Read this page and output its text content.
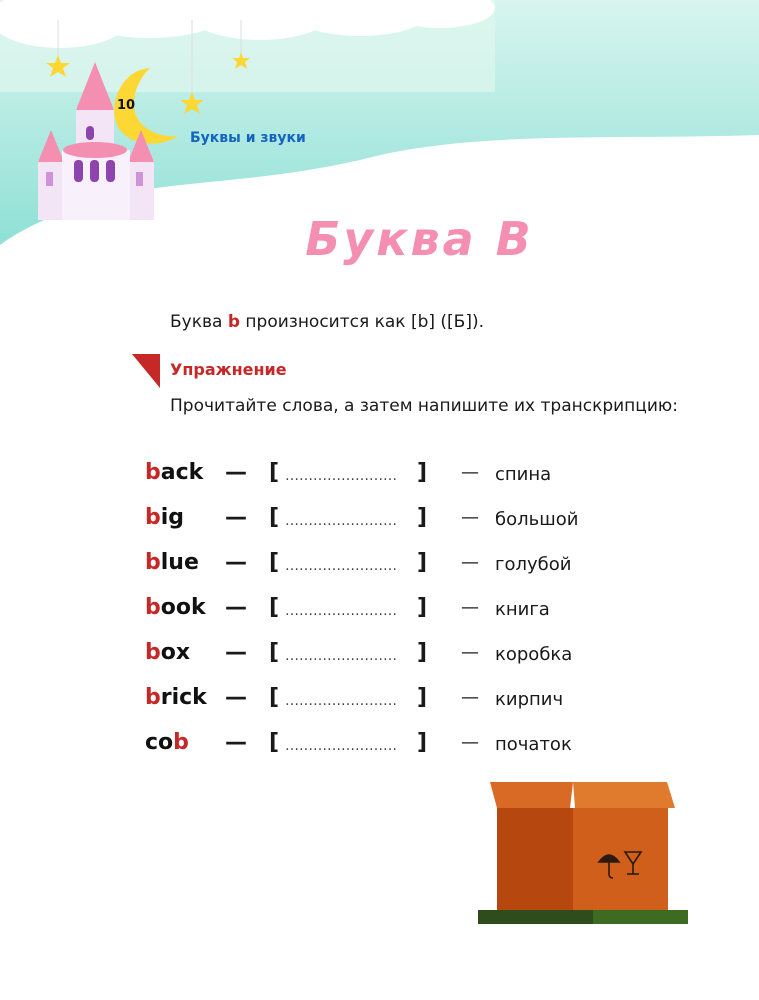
10
Буквы и звуки
Буква B
Буква b произносится как [b] ([Б]).
Упражнение
Прочитайте слова, а затем напишите их транскрипцию:
back — [ …………………… ] — спина
big — [ …………………… ] — большой
blue — [ …………………… ] — голубой
book — [ …………………… ] — книга
box — [ …………………… ] — коробка
brick — [ …………………… ] — кирпич
cob — [ …………………… ] — початок
